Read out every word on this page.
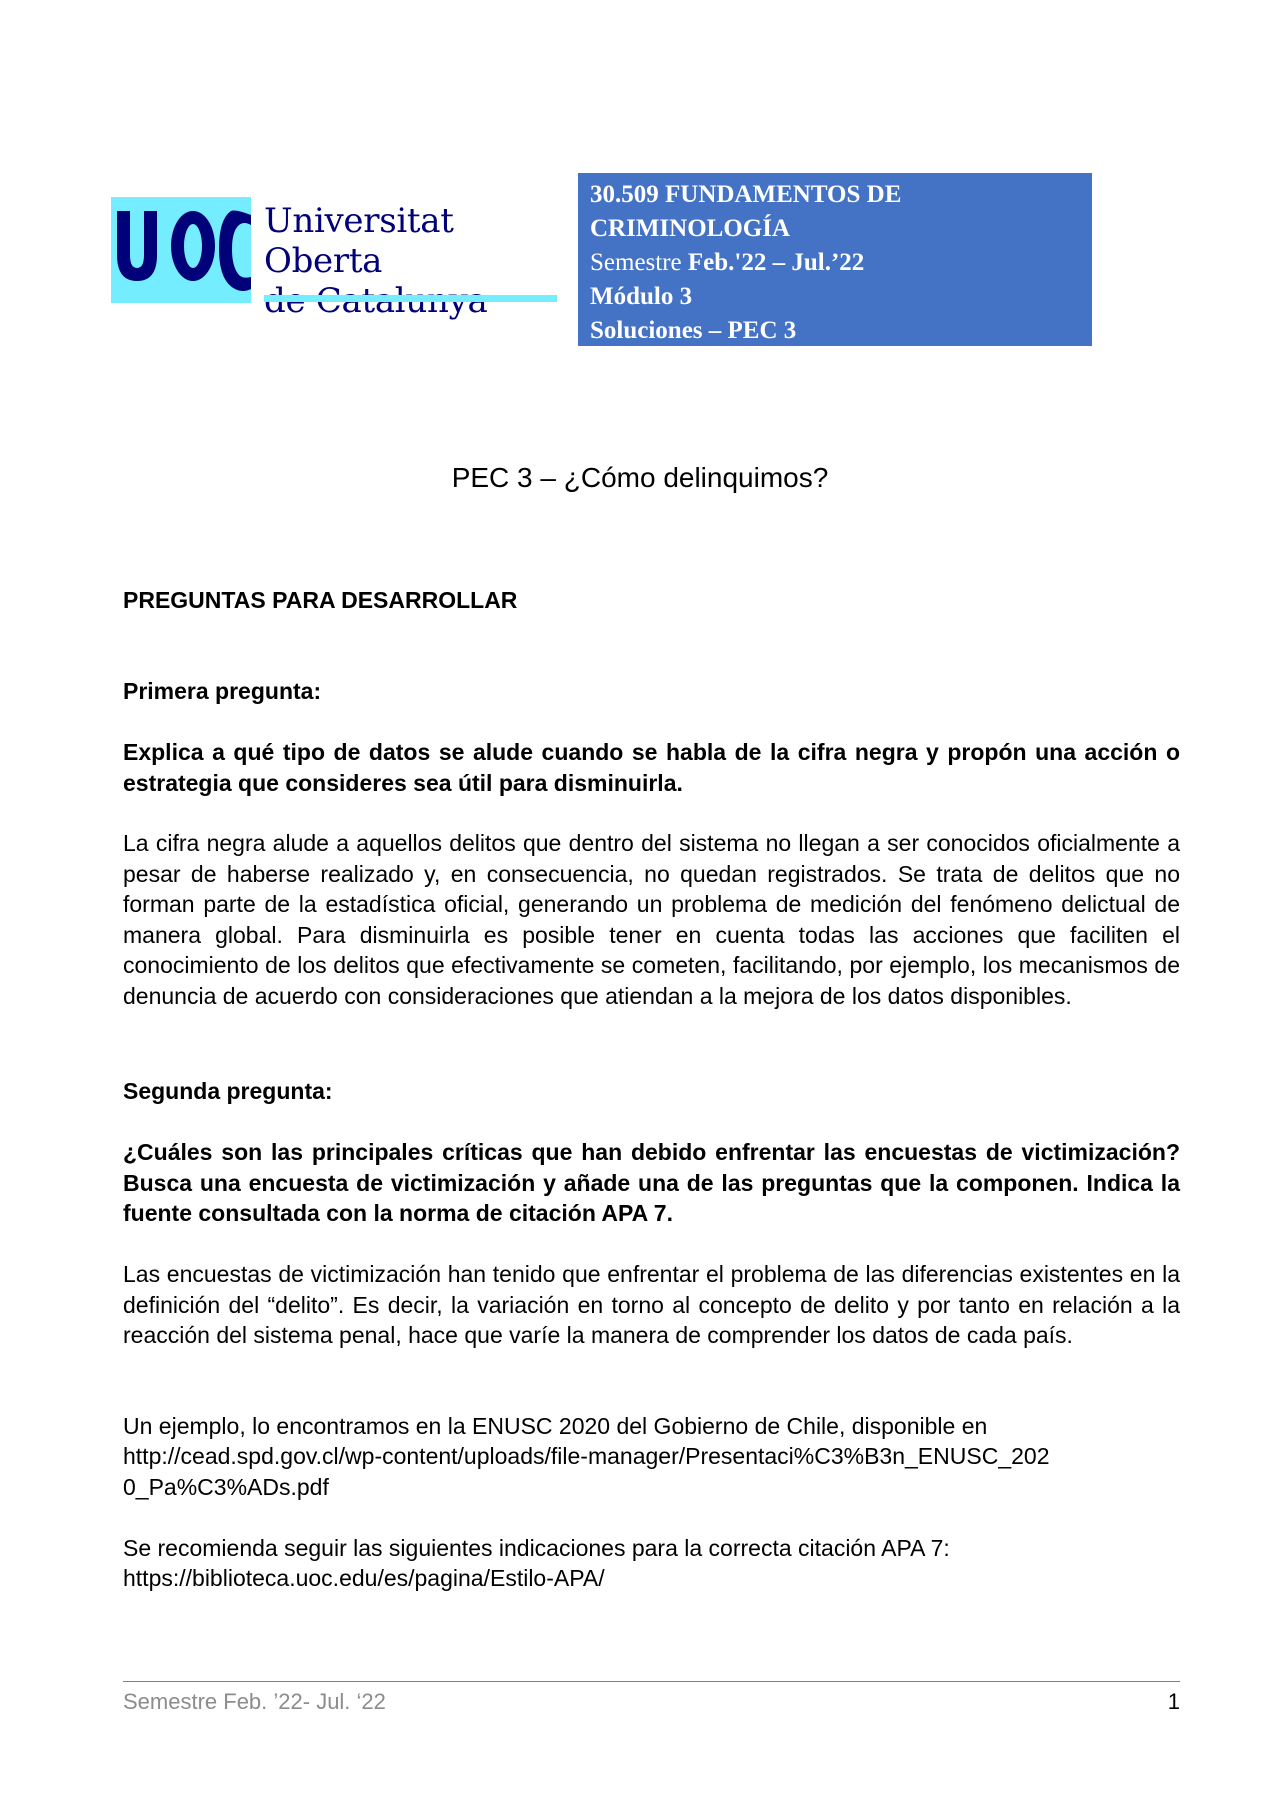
Universitat Oberta
30.509 FUNDAMENTOS DE
CRIMINOLOGÍA
Semestre Feb.'22 – Jul.’22
Módulo 3
Soluciones – PEC 3
PEC 3 – ¿Cómo delinquimos?
PREGUNTAS PARA DESARROLLAR
Primera pregunta:
Explica a qué tipo de datos se alude cuando se habla de la cifra negra y propón una acción o estrategia que consideres sea útil para disminuirla.
La cifra negra alude a aquellos delitos que dentro del sistema no llegan a ser conocidos oficialmente a pesar de haberse realizado y, en consecuencia, no quedan registrados. Se trata de delitos que no forman parte de la estadística oficial, generando un problema de medición del fenómeno delictual de manera global. Para disminuirla es posible tener en cuenta todas las acciones que faciliten el conocimiento de los delitos que efectivamente se cometen, facilitando, por ejemplo, los mecanismos de denuncia de acuerdo con consideraciones que atiendan a la mejora de los datos disponibles.
Segunda pregunta:
¿Cuáles son las principales críticas que han debido enfrentar las encuestas de victimización? Busca una encuesta de victimización y añade una de las preguntas que la componen. Indica la fuente consultada con la norma de citación APA 7.
Las encuestas de victimización han tenido que enfrentar el problema de las diferencias existentes en la definición del “delito”. Es decir, la variación en torno al concepto de delito y por tanto en relación a la reacción del sistema penal, hace que varíe la manera de comprender los datos de cada país.
Un ejemplo, lo encontramos en la ENUSC 2020 del Gobierno de Chile, disponible en
http://cead.spd.gov.cl/wp-content/uploads/file-manager/Presentaci%C3%B3n_ENUSC_202
0_Pa%C3%ADs.pdf
Se recomienda seguir las siguientes indicaciones para la correcta citación APA 7:
https://biblioteca.uoc.edu/es/pagina/Estilo-APA/
Semestre Feb. ’22- Jul. ‘22	1
